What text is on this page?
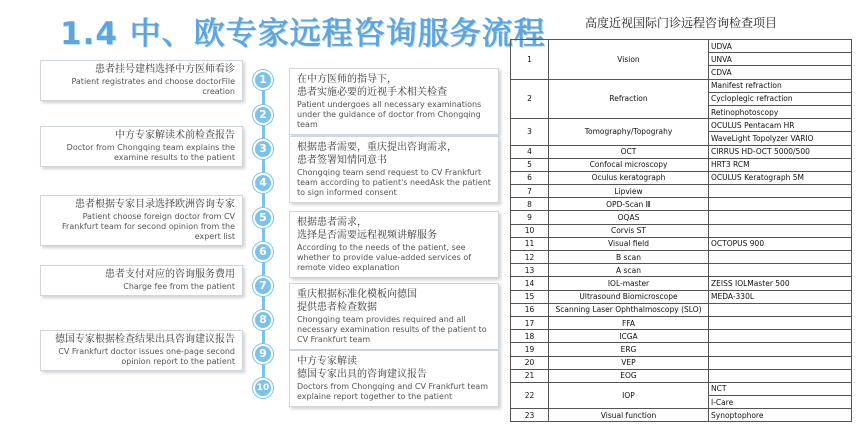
1.4 中、欧专家远程咨询服务流程
患者挂号建档选择中方医师看诊
Patient registrates and choose doctorFile creation
中方专家解读术前检查报告
Doctor from Chongqing team explains the examine results to the patient
患者根据专家目录选择欧洲咨询专家
Patient choose foreign doctor from CV Frankfurt team for second opinion from the expert list
患者支付对应的咨询服务费用
Charge fee from the patient
德国专家根据检查结果出具咨询建议报告
CV Frankfurt doctor issues one-page second opinion report to the patient
1
2
3
4
5
6
7
8
9
10
在中方医师的指导下，
患者实施必要的近视手术相关检查
Patient undergoes all necessary examinations under the guidance of doctor from Chongqing team
根据患者需要，重庆提出咨询需求，
患者签署知情同意书
Chongqing team send request to CV Frankfurt team according to patient's needAsk the patient to sign informed consent
根据患者需求，
选择是否需要远程视频讲解服务
According to the needs of the patient, see whether to provide value-added services of remote video explanation
重庆根据标准化模板向德国
提供患者检查数据
Chongqing team provides required and all necessary examination results of the patient to CV Frankfurt team
中方专家解读
德国专家出具的咨询建议报告
Doctors from Chongqing and CV Frankfurt team explaine report together to the patient
高度近视国际门诊远程咨询检查项目
1	Vision	UDVA
		UNVA
		CDVA
2	Refraction	Manifest refraction
		Cycloplegic refraction
		Retinophotoscopy
3	Tomography/Topograhy	OCULUS Pentacam HR
		WaveLight Topolyzer VARIO
4	OCT	CIRRUS HD-OCT 5000/500
5	Confocal microscopy	HRT3 RCM
6	Oculus keratograph	OCULUS Keratograph 5M
7	Lipview	
8	OPD-Scan Ⅲ	
9	OQAS	
10	Corvis ST	
11	Visual field	OCTOPUS 900
12	B scan	
13	A scan	
14	IOL-master	ZEISS IOLMaster 500
15	Ultrasound Biomicroscope	MEDA-330L
16	Scanning Laser Ophthalmoscopy (SLO)	
17	FFA	
18	ICGA	
19	ERG	
20	VEP	
21	EOG	
22	IOP	NCT
		I-Care
23	Visual function	Synoptophore
